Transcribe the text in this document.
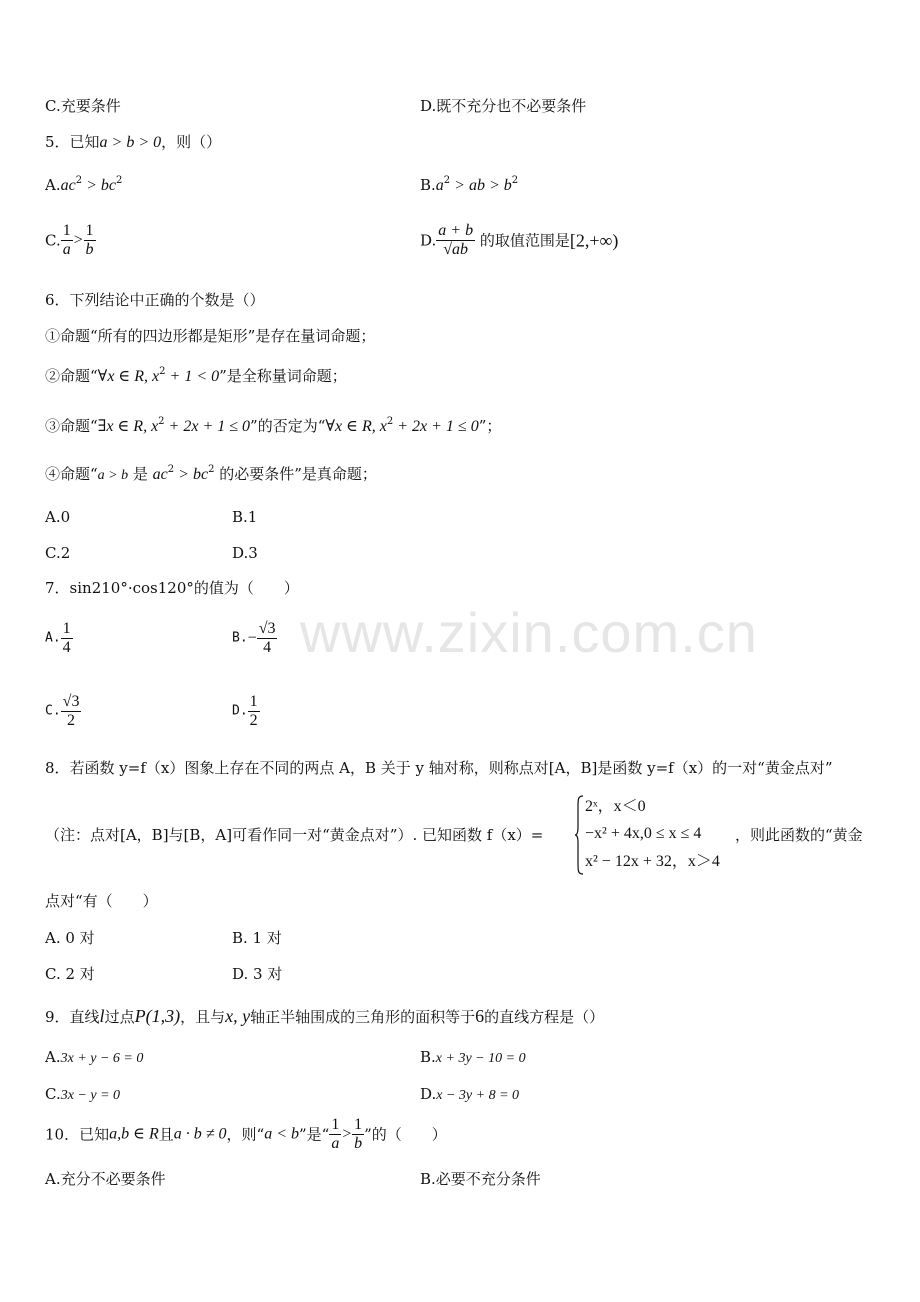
www.zixin.com.cn
C.充要条件	D.既不充分也不必要条件
5．已知a > b > 0，则（）
$A.ac^2 > bc^2$	$B.a^2$ > ab > $b^2$
C. $\frac{1}{a} > \frac{1}{b}$	D. $\frac{a + b}{√ab}$ 的取值范围是[2,+∞)
6．下列结论中正确的个数是（）
①命题“所有的四边形都是矩形”是存在量词命题；
②命题“∀x ∈ R, $x^2 + 1 < 0$”是全称量词命题；
③命题“∃x ∈ R, $x^2 + 2x + 1 \le 0$”的否定为“∀x ∈ R, $x^2 + 2x + 1 \le 0$”；
④命题“a > b 是 $ac^2 > bc^2$ 的必要条件”是真命题；
A.0	B.1
C.2	D.3
7．sin210°·cos120°的值为（　　）
A. $\frac{1}{4}$	$B.- \frac{√3}{4}$
C. $\frac{√3}{2}$	D. $\frac{1}{2}$
8．若函数 y=f（x）图象上存在不同的两点 A，B 关于 y 轴对称，则称点对[A，B]是函数 y=f（x）的一对“黄金点对”
（注：点对[A，B]与[B，A]可看作同一对“黄金点对”）. 已知函数 f（x）=
2ˣ，x＜0
−x² + 4x,0 ≤ x ≤ 4
x² − 12x + 32，x＞4
，则此函数的“黄金
点对“有（　　）
A. 0 对	B. 1 对
C. 2 对	D. 3 对
9．直线l过点P(1,3)，且与x, y轴正半轴围成的三角形的面积等于6的直线方程是（）
A.3x + y − 6 = 0	B.x + 3y − 10 = 0
C.3x − y = 0	D.x − 3y + 8 = 0
10．已知a,b ∈ R且a · b ≠ 0，则“a < b”是“ $\frac{1}{a} > \frac{1}{b}$ ”的（　　）
A.充分不必要条件	B.必要不充分条件
